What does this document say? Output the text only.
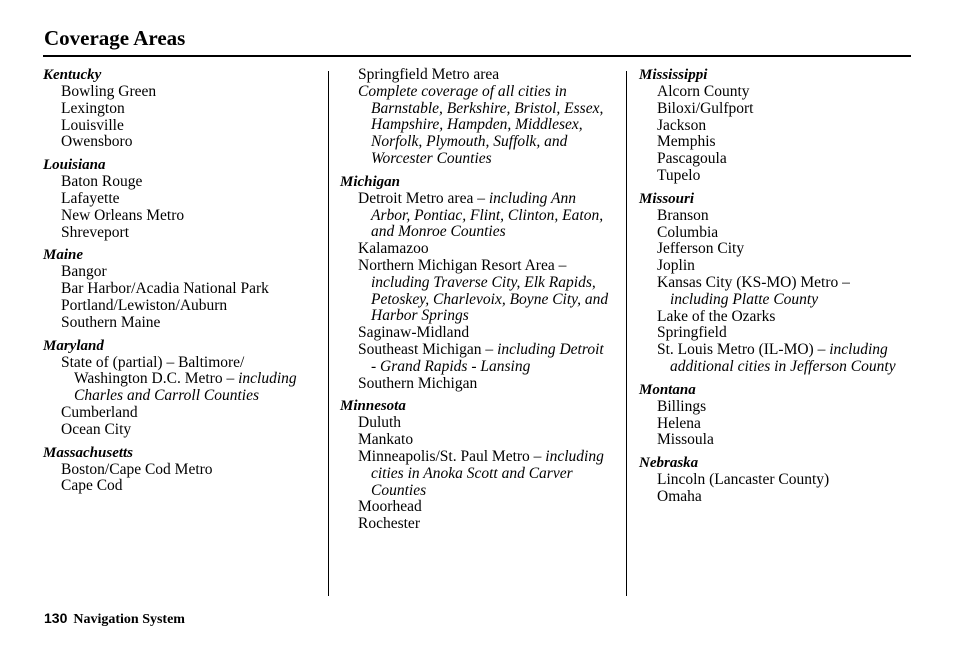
Coverage Areas
Kentucky
Bowling Green
Lexington
Louisville
Owensboro
Louisiana
Baton Rouge
Lafayette
New Orleans Metro
Shreveport
Maine
Bangor
Bar Harbor/Acadia National Park
Portland/Lewiston/Auburn
Southern Maine
Maryland
State of (partial) – Baltimore/ Washington D.C. Metro – including Charles and Carroll Counties
Cumberland
Ocean City
Massachusetts
Boston/Cape Cod Metro
Cape Cod
Springfield Metro area
Complete coverage of all cities in Barnstable, Berkshire, Bristol, Essex, Hampshire, Hampden, Middlesex, Norfolk, Plymouth, Suffolk, and Worcester Counties
Michigan
Detroit Metro area – including Ann Arbor, Pontiac, Flint, Clinton, Eaton, and Monroe Counties
Kalamazoo
Northern Michigan Resort Area – including Traverse City, Elk Rapids, Petoskey, Charlevoix, Boyne City, and Harbor Springs
Saginaw-Midland
Southeast Michigan – including Detroit - Grand Rapids - Lansing
Southern Michigan
Minnesota
Duluth
Mankato
Minneapolis/St. Paul Metro – including cities in Anoka Scott and Carver Counties
Moorhead
Rochester
Mississippi
Alcorn County
Biloxi/Gulfport
Jackson
Memphis
Pascagoula
Tupelo
Missouri
Branson
Columbia
Jefferson City
Joplin
Kansas City (KS-MO) Metro – including Platte County
Lake of the Ozarks
Springfield
St. Louis Metro (IL-MO) – including additional cities in Jefferson County
Montana
Billings
Helena
Missoula
Nebraska
Lincoln (Lancaster County)
Omaha
130 Navigation System
